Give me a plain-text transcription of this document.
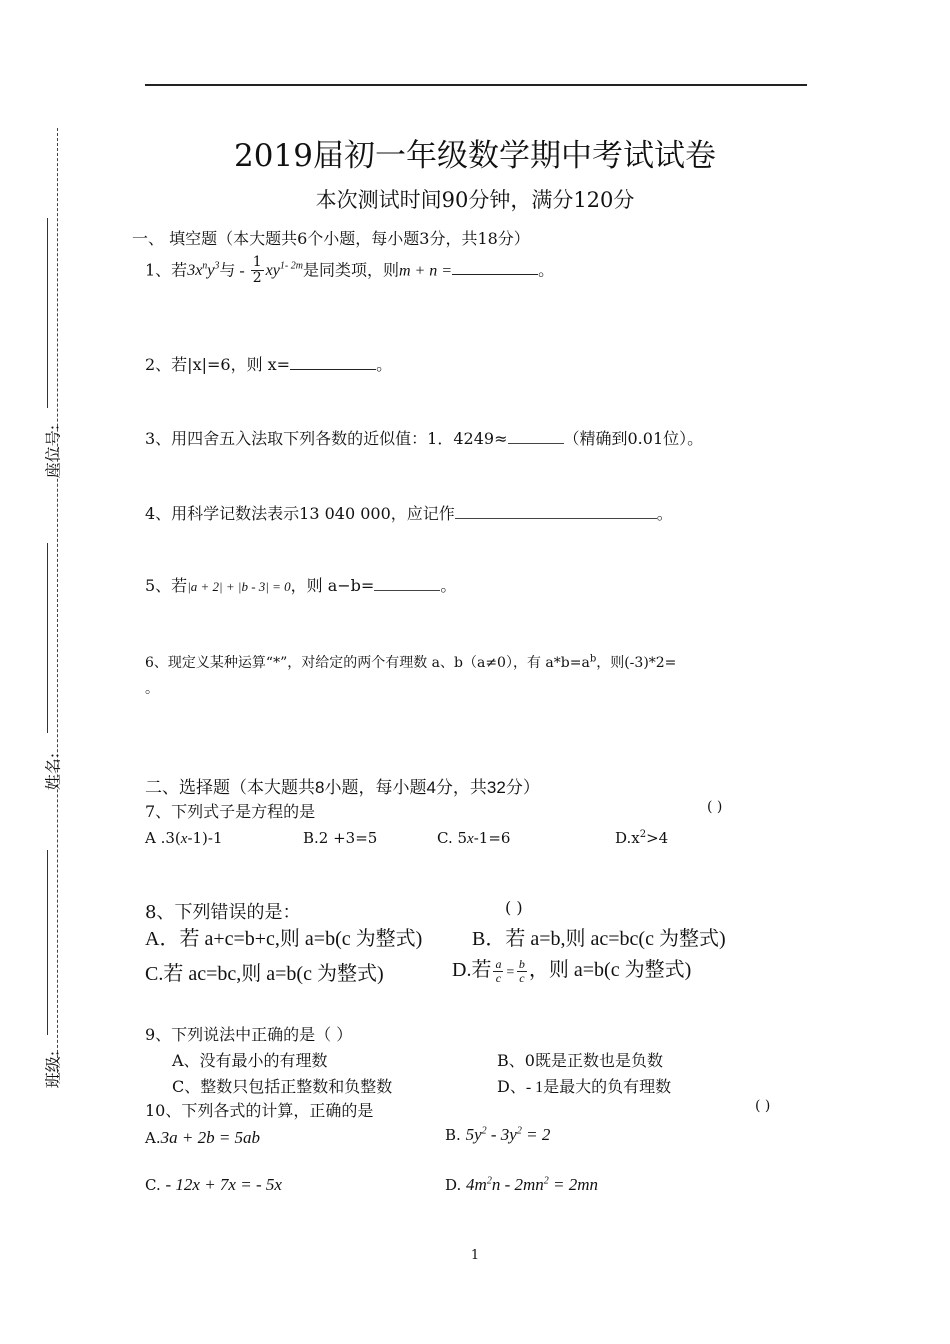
座位号:
姓名:
班级:
2019届初一年级数学期中考试试卷
本次测试时间90分钟，满分120分
一、 填空题（本大题共6个小题，每小题3分，共18分）
1、若$3x^ny^3$与 - $\frac{1}{2} xy^{1- 2m}$是同类项，则m + n =	。
2、若|x|=6，则 x=	。
3、用四舍五入法取下列各数的近似值：1．4249≈	（精确到0.01位）。
4、用科学记数法表示13 040 000，应记作	。
5、若|a + 2| + |b - 3| = 0，则 a−b=	。
6、现定义某种运算“*”，对给定的两个有理数 a、b（a≠0），有 $a*b=a^b$，则(-3)*2=
。
二、选择题（本大题共8小题，每小题4分，共32分）
7、下列式子是方程的是	( )
A .3(x-1)-1	B.2 +3=5	C. 5x-1=6	$D.x^2>4$
8、下列错误的是：	( )
A．若 a+c=b+c,则 a=b(c 为整式) B．若 a=b,则 ac=bc(c 为整式)
C.若 ac=bc,则 a=b(c 为整式)	D.若 $\frac{a}{c} = \frac{b}{c}$ ，则 a=b(c 为整式)
9、下列说法中正确的是（ ）
A、没有最小的有理数	B、0既是正数也是负数
C、整数只包括正整数和负整数	D、- 1是最大的负有理数
10、下列各式的计算，正确的是	( )
A.3a + 2b = 5ab	B. $5y^2 - 3y^2 = 2$
C. - 12x + 7x = - 5x	D. $4m^2n - 2mn^2 = 2mn$
1
